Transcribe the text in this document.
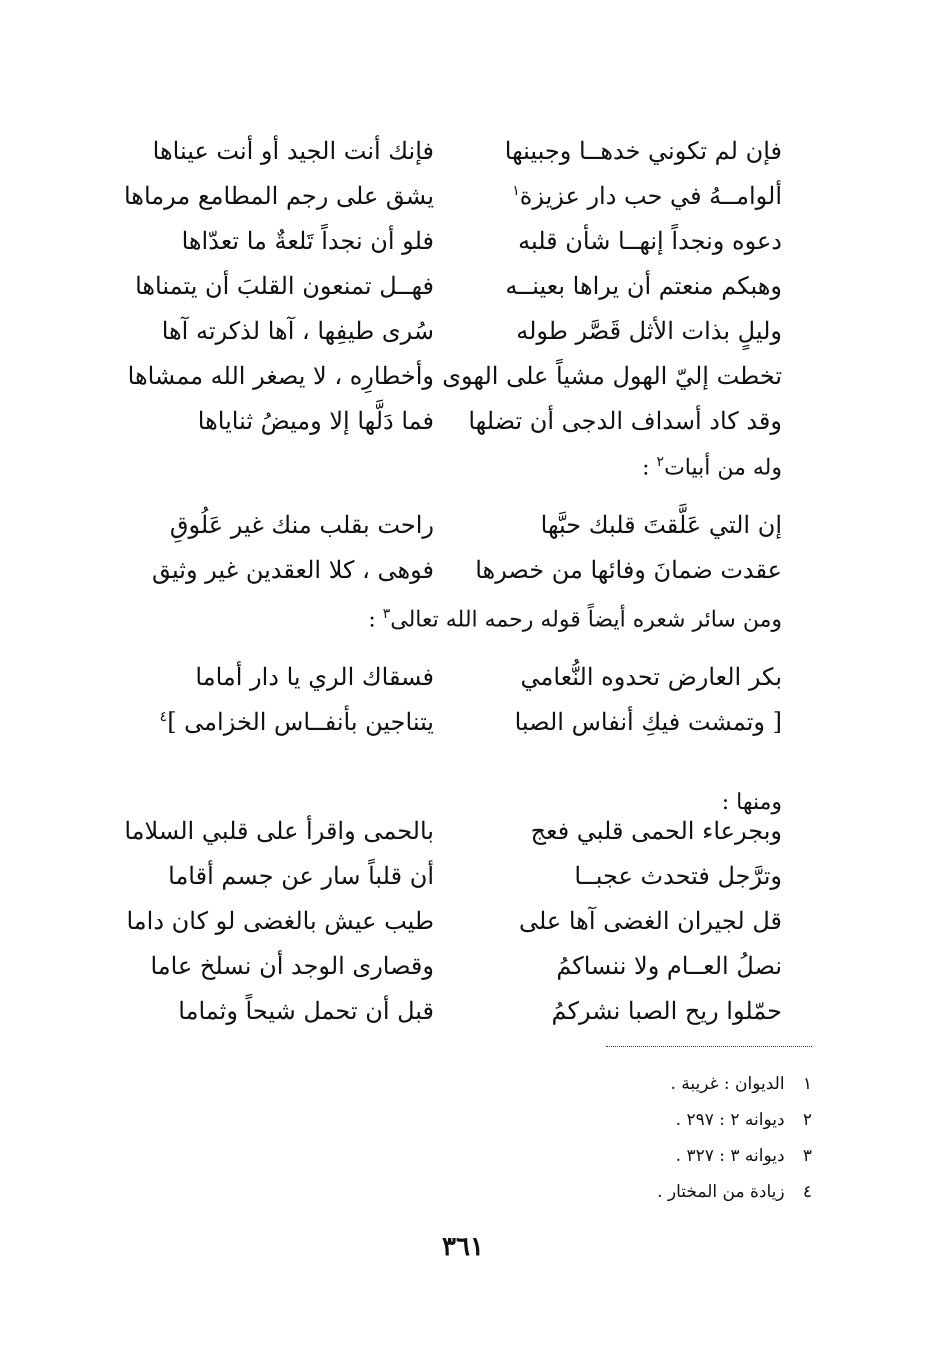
فإن لم تكوني خدهــا وجبينها
فإنك أنت الجيد أو أنت عيناها
ألوامــهُ في حب دار عزيزة$^١$
يشق على رجم المطامع مرماها
دعوه ونجداً إنهــا شأن قلبه
فلو أن نجداً تَلعةٌ ما تعدّاها
وهبكم منعتم أن يراها بعينــه
فهــل تمنعون القلبَ أن يتمناها
وليلٍ بذات الأثل قَصَّر طوله
سُرى طيفِها ، آها لذكرته آها
تخطت إليّ الهول مشياً على الهوى
وأخطارِه ، لا يصغر الله ممشاها
وقد كاد أسداف الدجى أن تضلها
فما دَلَّها إلا وميضُ ثناياها
وله من أبيات$^٢$ :
إن التي عَلَّقتَ قلبك حبَّها
راحت بقلب منك غير عَلُوقِ
عقدت ضمانَ وفائها من خصرها
فوهى ، كلا العقدين غير وثيق
ومن سائر شعره أيضاً قوله رحمه الله تعالى$^٣$ :
بكر العارض تحدوه النُّعامي
فسقاك الري يا دار أماما
[ وتمشت فيكِ أنفاس الصبا
يتناجين بأنفــاس الخزامى ]$^٤$
ومنها :
وبجرعاء الحمى قلبي فعج
بالحمى واقرأ على قلبي السلاما
وترَّجل فتحدث عجبــا
أن قلباً سار عن جسم أقاما
قل لجيران الغضى آها على
طيب عيش بالغضى لو كان داما
نصلُ العــام ولا ننساكمُ
وقصارى الوجد أن نسلخ عاما
حمّلوا ريح الصبا نشركمُ
قبل أن تحمل شيحاً وثماما
١ الديوان : غريبة .
٢ ديوانه ٢ : ٢٩٧ .
٣ ديوانه ٣ : ٣٢٧ .
٤ زيادة من المختار .
٣٦١
